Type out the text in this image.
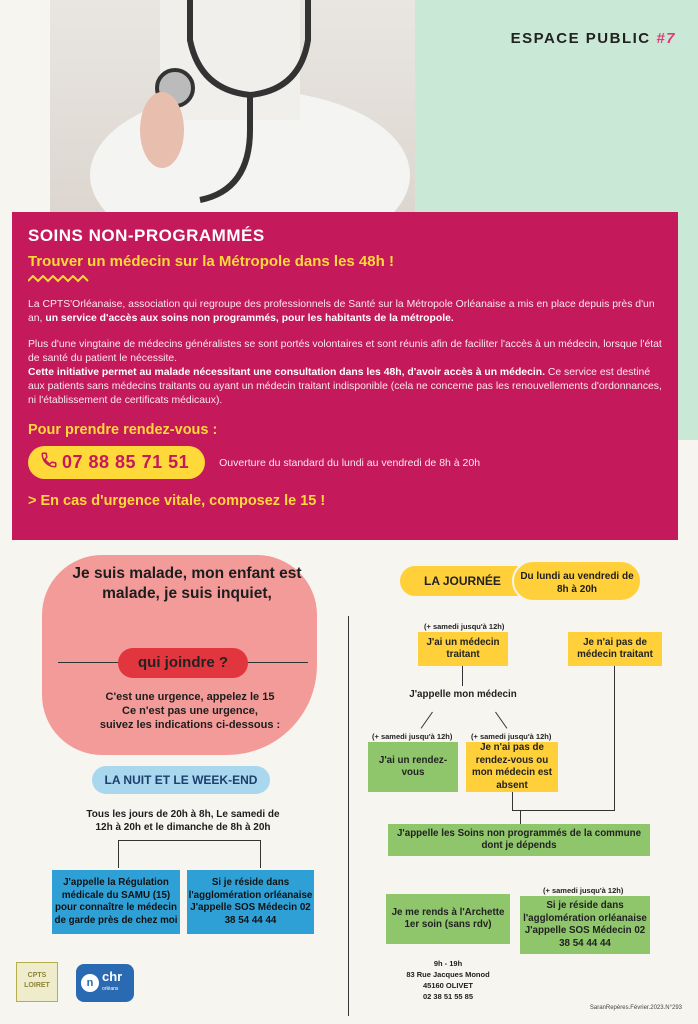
ESPACE PUBLIC #7
SOINS NON-PROGRAMMÉS
Trouver un médecin sur la Métropole dans les 48h !

La CPTS'Orléanaise, association qui regroupe des professionnels de Santé sur la Métropole Orléanaise a mis en place depuis près d'un an, un service d'accès aux soins non programmés, pour les habitants de la métropole.

Plus d'une vingtaine de médecins généralistes se sont portés volontaires et sont réunis afin de faciliter l'accès à un médecin, lorsque l'état de santé du patient le nécessite.
Cette initiative permet au malade nécessitant une consultation dans les 48h, d'avoir accès à un médecin. Ce service est destiné aux patients sans médecins traitants ou ayant un médecin traitant indisponible (cela ne concerne pas les renouvellements d'ordonnances, ni l'établissement de certificats médicaux).

Pour prendre rendez-vous :
07 88 85 71 51	Ouverture du standard du lundi au vendredi de 8h à 20h
> En cas d'urgence vitale, composez le 15 !
Je suis malade, mon enfant est malade, je suis inquiet,
qui joindre ?
C'est une urgence, appelez le 15
Ce n'est pas une urgence,
suivez les indications ci-dessous :
LA NUIT ET LE WEEK-END
Tous les jours de 20h à 8h, Le samedi de 12h à 20h et le dimanche de 8h à 20h
J'appelle la Régulation médicale du SAMU (15) pour connaître le médecin de garde près de chez moi
Si je réside dans l'agglomération orléanaise J'appelle SOS Médecin 02 38 54 44 44
LA JOURNÉE	Du lundi au vendredi de 8h à 20h
(+ samedi jusqu'à 12h)
J'ai un médecin traitant
Je n'ai pas de médecin traitant
J'appelle mon médecin
(+ samedi jusqu'à 12h)
J'ai un rendez-vous
(+ samedi jusqu'à 12h)
Je n'ai pas de rendez-vous ou mon médecin est absent
J'appelle les Soins non programmés de la commune dont je dépends
(+ samedi jusqu'à 12h)
Je me rends à l'Archette 1er soin (sans rdv)
Si je réside dans l'agglomération orléanaise J'appelle SOS Médecin 02 38 54 44 44
9h - 19h
83 Rue Jacques Monod
45160 OLIVET
02 38 51 55 85
CPTS LOIRET	n chr
orléans
SaranRepères.Février.2023.N°293
